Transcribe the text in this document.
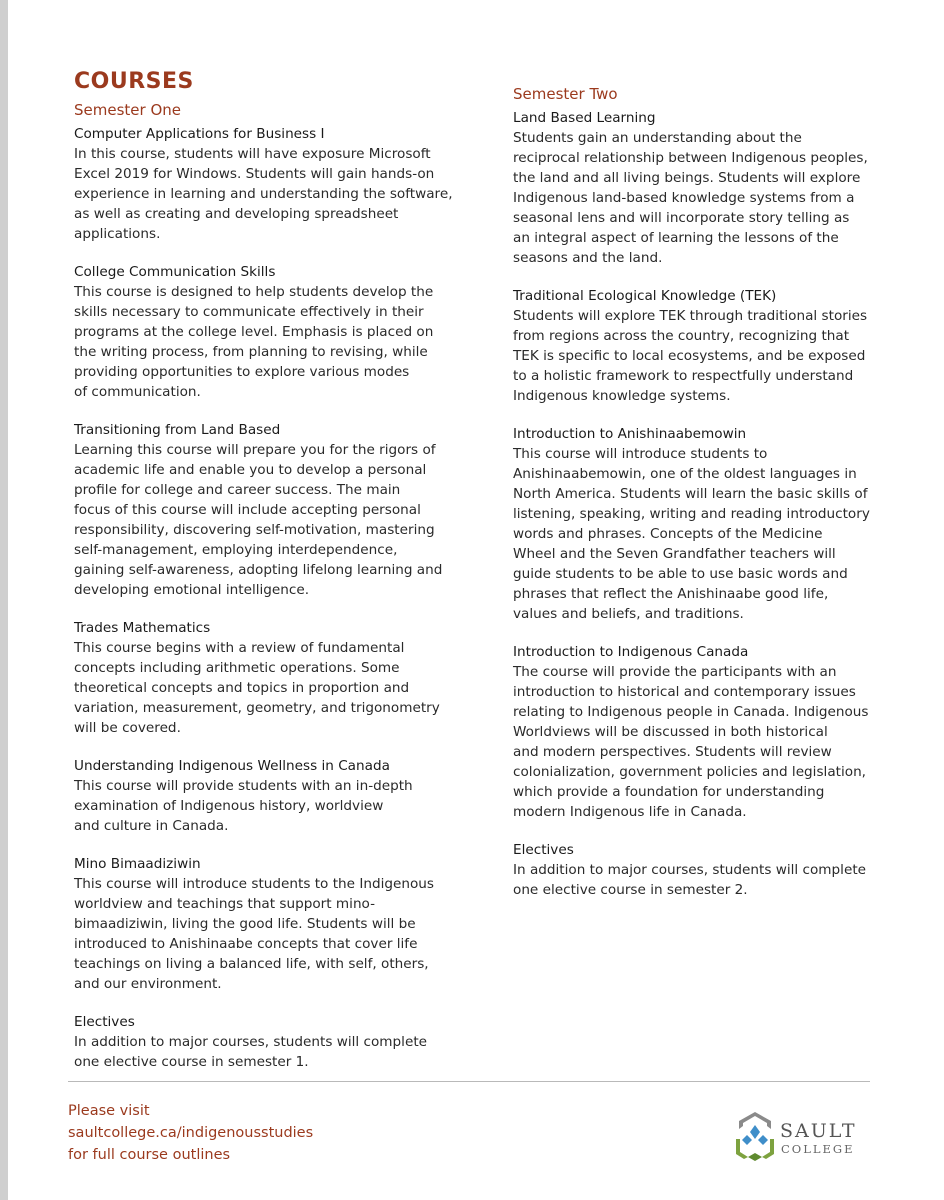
COURSES
Semester One
Computer Applications for Business I
In this course, students will have exposure Microsoft
Excel 2019 for Windows. Students will gain hands-on
experience in learning and understanding the software,
as well as creating and developing spreadsheet
applications.
College Communication Skills
This course is designed to help students develop the
skills necessary to communicate effectively in their
programs at the college level. Emphasis is placed on
the writing process, from planning to revising, while
providing opportunities to explore various modes
of communication.
Transitioning from Land Based
Learning this course will prepare you for the rigors of
academic life and enable you to develop a personal
profile for college and career success. The main
focus of this course will include accepting personal
responsibility, discovering self-motivation, mastering
self-management, employing interdependence,
gaining self-awareness, adopting lifelong learning and
developing emotional intelligence.
Trades Mathematics
This course begins with a review of fundamental
concepts including arithmetic operations. Some
theoretical concepts and topics in proportion and
variation, measurement, geometry, and trigonometry
will be covered.
Understanding Indigenous Wellness in Canada
This course will provide students with an in-depth
examination of Indigenous history, worldview
and culture in Canada.
Mino Bimaadiziwin
This course will introduce students to the Indigenous
worldview and teachings that support mino-
bimaadiziwin, living the good life. Students will be
introduced to Anishinaabe concepts that cover life
teachings on living a balanced life, with self, others,
and our environment.
Electives
In addition to major courses, students will complete
one elective course in semester 1.
Semester Two
Land Based Learning
Students gain an understanding about the
reciprocal relationship between Indigenous peoples,
the land and all living beings. Students will explore
Indigenous land-based knowledge systems from a
seasonal lens and will incorporate story telling as
an integral aspect of learning the lessons of the
seasons and the land.
Traditional Ecological Knowledge (TEK)
Students will explore TEK through traditional stories
from regions across the country, recognizing that
TEK is specific to local ecosystems, and be exposed
to a holistic framework to respectfully understand
Indigenous knowledge systems.
Introduction to Anishinaabemowin
This course will introduce students to
Anishinaabemowin, one of the oldest languages in
North America. Students will learn the basic skills of
listening, speaking, writing and reading introductory
words and phrases. Concepts of the Medicine
Wheel and the Seven Grandfather teachers will
guide students to be able to use basic words and
phrases that reflect the Anishinaabe good life,
values and beliefs, and traditions.
Introduction to Indigenous Canada
The course will provide the participants with an
introduction to historical and contemporary issues
relating to Indigenous people in Canada. Indigenous
Worldviews will be discussed in both historical
and modern perspectives. Students will review
colonialization, government policies and legislation,
which provide a foundation for understanding
modern Indigenous life in Canada.
Electives
In addition to major courses, students will complete
one elective course in semester 2.
Please visit
saultcollege.ca/indigenousstudies
for full course outlines
SAULT
COLLEGE
